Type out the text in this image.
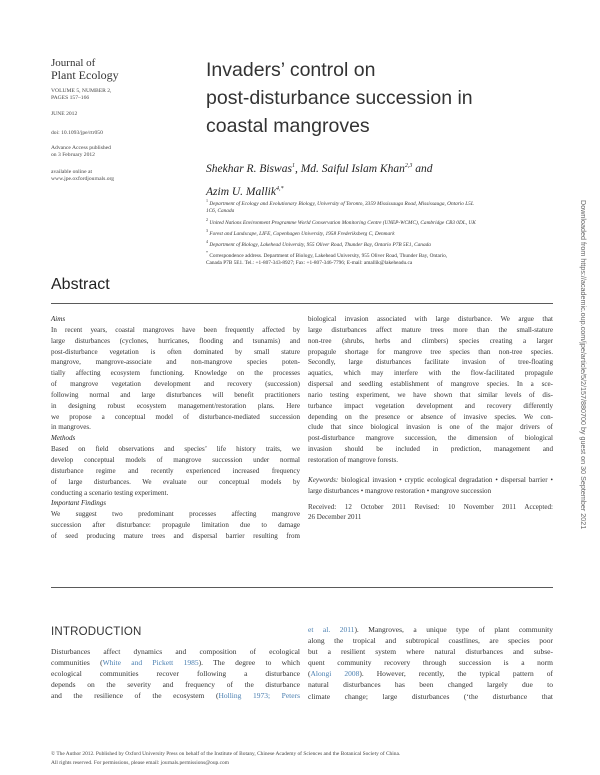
Journal of
Plant Ecology
VOLUME 5, NUMBER 2,
PAGES 157–166
JUNE 2012
doi: 10.1093/jpe/rtr050
Advance Access published
on 3 February 2012
available online at
www.jpe.oxfordjournals.org
Invaders’ control on
post-disturbance succession in
coastal mangroves
Shekhar R. Biswas$^1$, Md. Saiful Islam Khan$^{2,3}$ and
Azim U. Mallik$^{4,*}$
$^1$ Department of Ecology and Evolutionary Biology, University of Toronto, 3359 Mississauga Road, Mississauga, Ontario L5L
1C6, Canada
$^2$ United Nations Environment Programme World Conservation Monitoring Centre (UNEP-WCMC), Cambridge CB3 0DL, UK
$^3$ Forest and Landscape, LIFE, Copenhagen University, 1958 Frederiksberg C, Denmark
$^4$ Department of Biology, Lakehead University, 955 Oliver Road, Thunder Bay, Ontario P7B 5E1, Canada
* Correspondence address. Department of Biology, Lakehead University, 955 Oliver Road, Thunder Bay, Ontario,
Canada P7B 5E1. Tel.: +1-807-343-8927; Fax: +1-807-346-7796; E-mail: amallik@lakeheadu.ca
Abstract
Aims
In recent years, coastal mangroves have been frequently affected by
large disturbances (cyclones, hurricanes, flooding and tsunamis) and
post-disturbance vegetation is often dominated by small stature
mangrove, mangrove-associate and non-mangrove species poten-
tially affecting ecosystem functioning. Knowledge on the processes
of mangrove vegetation development and recovery (succession)
following normal and large disturbances will benefit practitioners
in designing robust ecosystem management/restoration plans. Here
we propose a conceptual model of disturbance-mediated succession
in mangroves.
Methods
Based on field observations and species’ life history traits, we
develop conceptual models of mangrove succession under normal
disturbance regime and recently experienced increased frequency
of large disturbances. We evaluate our conceptual models by
conducting a scenario testing experiment.
Important Findings
We suggest two predominant processes affecting mangrove
succession after disturbance: propagule limitation due to damage
of seed producing mature trees and dispersal barrier resulting from
biological invasion associated with large disturbance. We argue that
large disturbances affect mature trees more than the small-stature
non-tree (shrubs, herbs and climbers) species creating a larger
propagule shortage for mangrove tree species than non-tree species.
Secondly, large disturbances facilitate invasion of tree-floating
aquatics, which may interfere with the flow-facilitated propagule
dispersal and seedling establishment of mangrove species. In a sce-
nario testing experiment, we have shown that similar levels of dis-
turbance impact vegetation development and recovery differently
depending on the presence or absence of invasive species. We con-
clude that since biological invasion is one of the major drivers of
post-disturbance mangrove succession, the dimension of biological
invasion should be included in prediction, management and
restoration of mangrove forests.
Keywords: biological invasion • cryptic ecological degradation • dispersal barrier • large disturbances • mangrove restoration • mangrove succession
Received: 12 October 2011 Revised: 10 November 2011 Accepted:
26 December 2011
INTRODUCTION
Disturbances affect dynamics and composition of ecological
communities (White and Pickett 1985). The degree to which
ecological communities recover following a disturbance
depends on the severity and frequency of the disturbance
and the resilience of the ecosystem (Holling 1973; Peters
et al. 2011). Mangroves, a unique type of plant community
along the tropical and subtropical coastlines, are species poor
but a resilient system where natural disturbances and subse-
quent community recovery through succession is a norm
(Alongi 2008). However, recently, the typical pattern of
natural disturbances has been changed largely due to
climate change; large disturbances (‘the disturbance that
© The Author 2012. Published by Oxford University Press on behalf of the Institute of Botany, Chinese Academy of Sciences and the Botanical Society of China.
All rights reserved. For permissions, please email: journals.permissions@oup.com
Downloaded from https://academic.oup.com/jpe/article/5/2/157/880700 by guest on 30 September 2021
